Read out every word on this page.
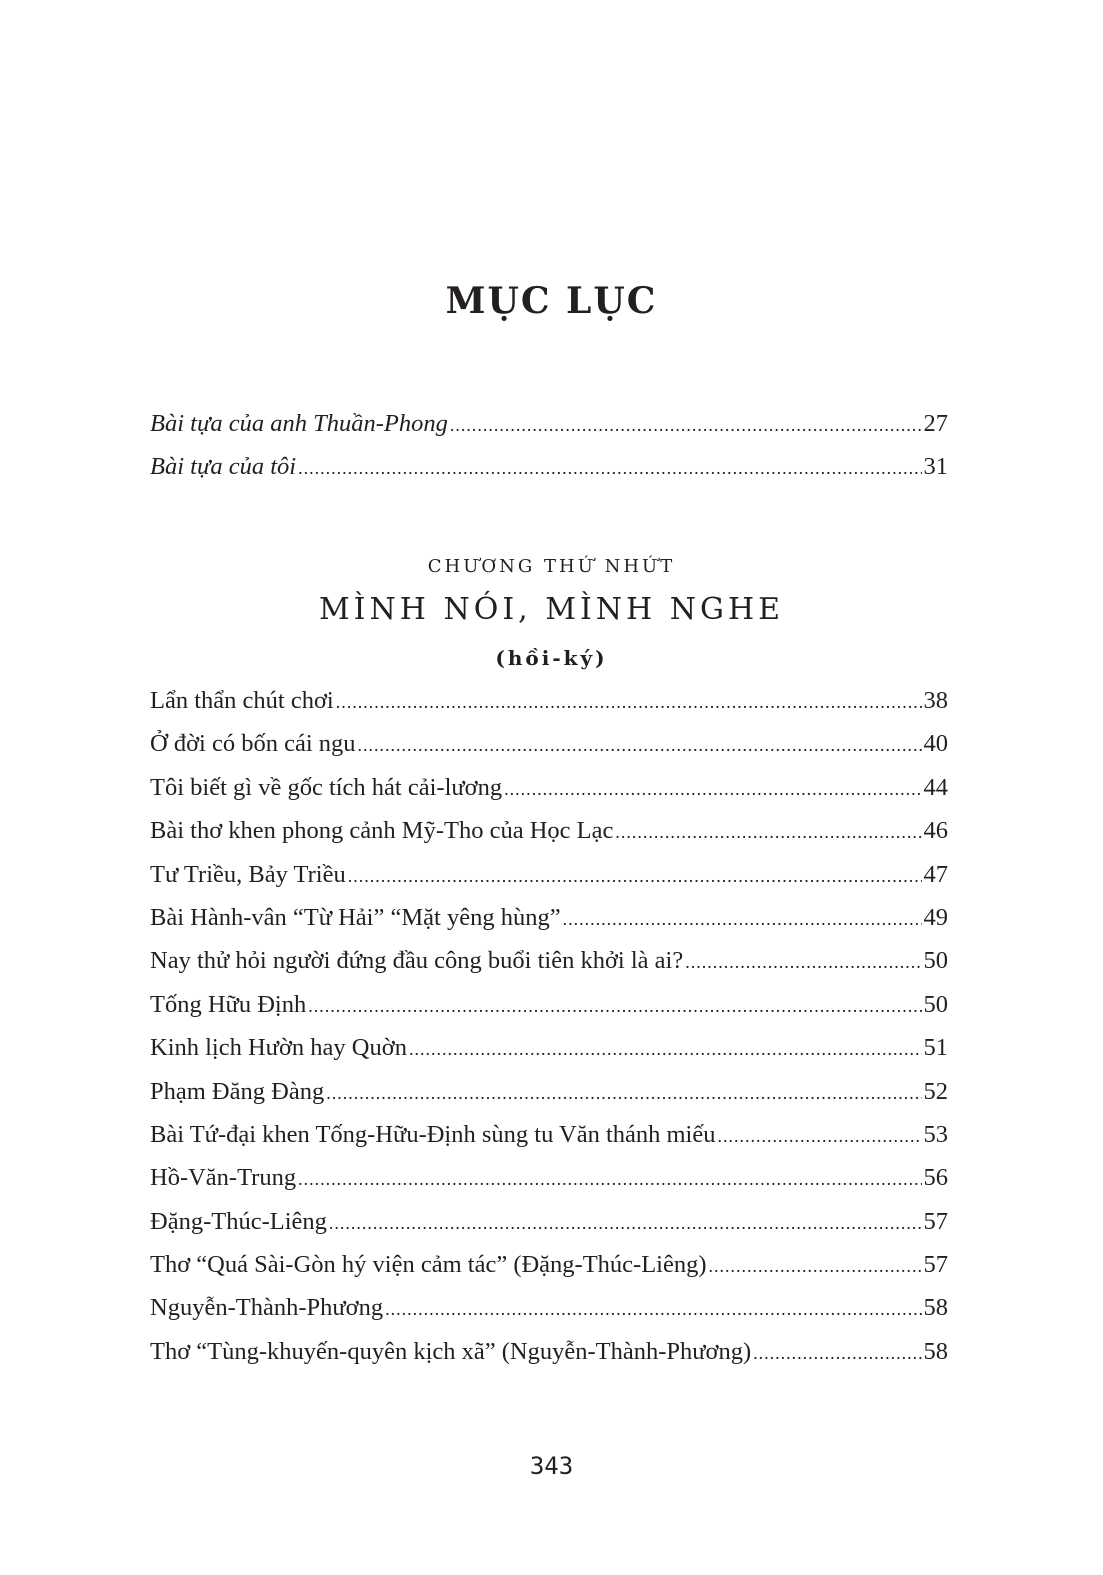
MỤC LỤC
Bài tựa của anh Thuần-Phong .....	27
Bài tựa của tôi .....	31
CHƯƠNG THỨ NHỨT
MÌNH NÓI, MÌNH NGHE
(hồi-ký)
Lẩn thẩn chút chơi .....	38
Ở đời có bốn cái ngu .....	40
Tôi biết gì về gốc tích hát cải-lương .....	44
Bài thơ khen phong cảnh Mỹ-Tho của Học Lạc .....	46
Tư Triều, Bảy Triều .....	47
Bài Hành-vân “Từ Hải” “Mặt yêng hùng” .....	49
Nay thử hỏi người đứng đầu công buổi tiên khởi là ai? .....	50
Tống Hữu Định .....	50
Kinh lịch Hườn hay Quờn .....	51
Phạm Đăng Đàng .....	52
Bài Tứ-đại khen Tống-Hữu-Định sùng tu Văn thánh miếu .....	53
Hồ-Văn-Trung .....	56
Đặng-Thúc-Liêng .....	57
Thơ “Quá Sài-Gòn hý viện cảm tác” (Đặng-Thúc-Liêng) .....	57
Nguyễn-Thành-Phương .....	58
Thơ “Tùng-khuyến-quyên kịch xã” (Nguyễn-Thành-Phương) .....	58
343
